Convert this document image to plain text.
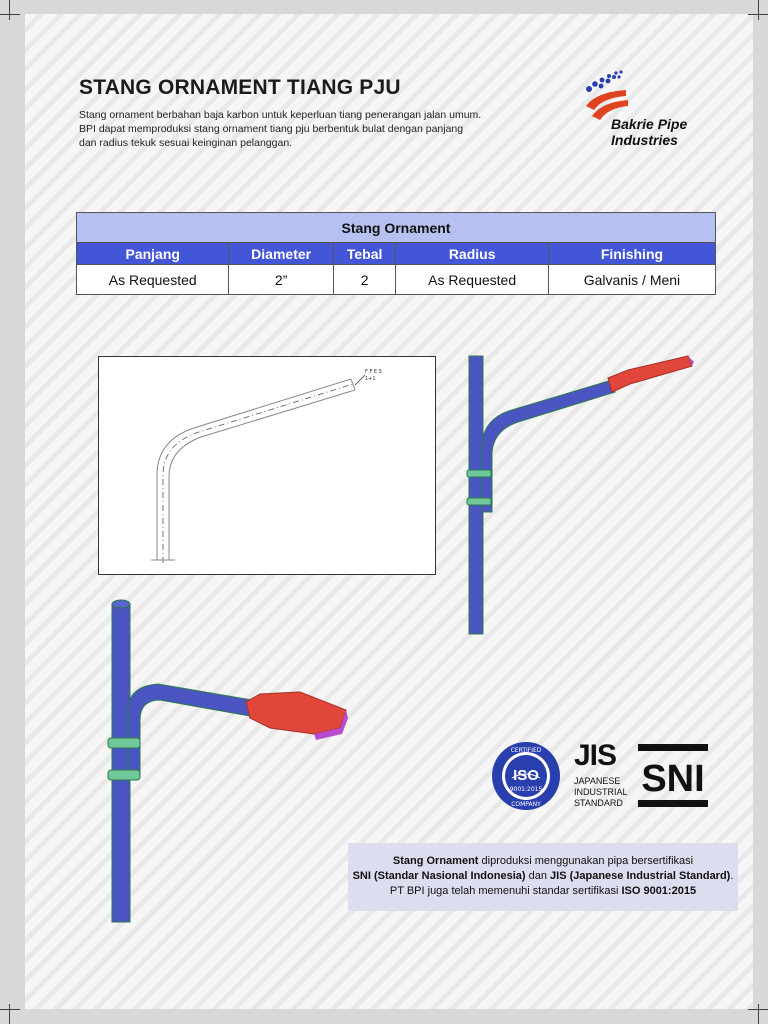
STANG ORNAMENT TIANG PJU

Stang ornament berbahan baja karbon untuk keperluan tiang penerangan jalan umum.

BPI dapat memproduksi stang ornament tiang pju berbentuk bulat dengan panjang

dan radius tekuk sesuai keinginan pelanggan.

Bakrie Pipe
Industries
Stang Ornament				
Panjang	Diameter	Tebal	Radius	Finishing
As Requested	2”	2	As Requested	Galvanis / Meni
F F E S
1+1
CERTIFIED
ISO
9001:2015
COMPANY
JIS
JAPANESE
INDUSTRIAL
STANDARD
SNI
Stang Ornament diproduksi menggunakan pipa bersertifikasi
SNI (Standar Nasional Indonesia) dan JIS (Japanese Industrial Standard).
PT BPI juga telah memenuhi standar sertifikasi ISO 9001:2015
